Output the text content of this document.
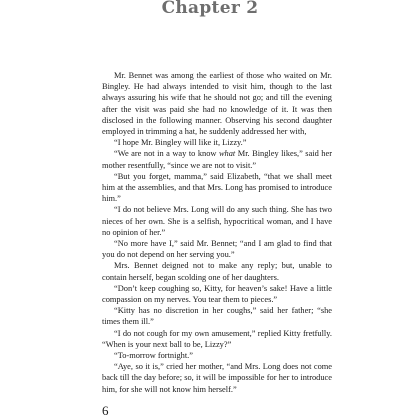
Chapter 2

Mr. Bennet was among the earliest of those who waited on Mr. Bingley. He had always intended to visit him, though to the last always assuring his wife that he should not go; and till the evening after the visit was paid she had no knowledge of it. It was then disclosed in the following manner. Observing his second daughter employed in trimming a hat, he suddenly addressed her with,

“I hope Mr. Bingley will like it, Lizzy.”

“We are not in a way to know what Mr. Bingley likes,” said her mother resentfully, “since we are not to visit.”

“But you forget, mamma,” said Elizabeth, “that we shall meet him at the assemblies, and that Mrs. Long has promised to introduce him.”

“I do not believe Mrs. Long will do any such thing. She has two nieces of her own. She is a selfish, hypocritical woman, and I have no opinion of her.”

“No more have I,” said Mr. Bennet; “and I am glad to find that you do not depend on her serving you.”

Mrs. Bennet deigned not to make any reply; but, unable to contain herself, began scolding one of her daughters.

“Don’t keep coughing so, Kitty, for heaven’s sake! Have a little compassion on my nerves. You tear them to pieces.”

“Kitty has no discretion in her coughs,” said her father; “she times them ill.”

“I do not cough for my own amusement,” replied Kitty fretfully. “When is your next ball to be, Lizzy?”

“To-morrow fortnight.”

“Aye, so it is,” cried her mother, “and Mrs. Long does not come back till the day before; so, it will be impossible for her to introduce him, for she will not know him herself.”

6
